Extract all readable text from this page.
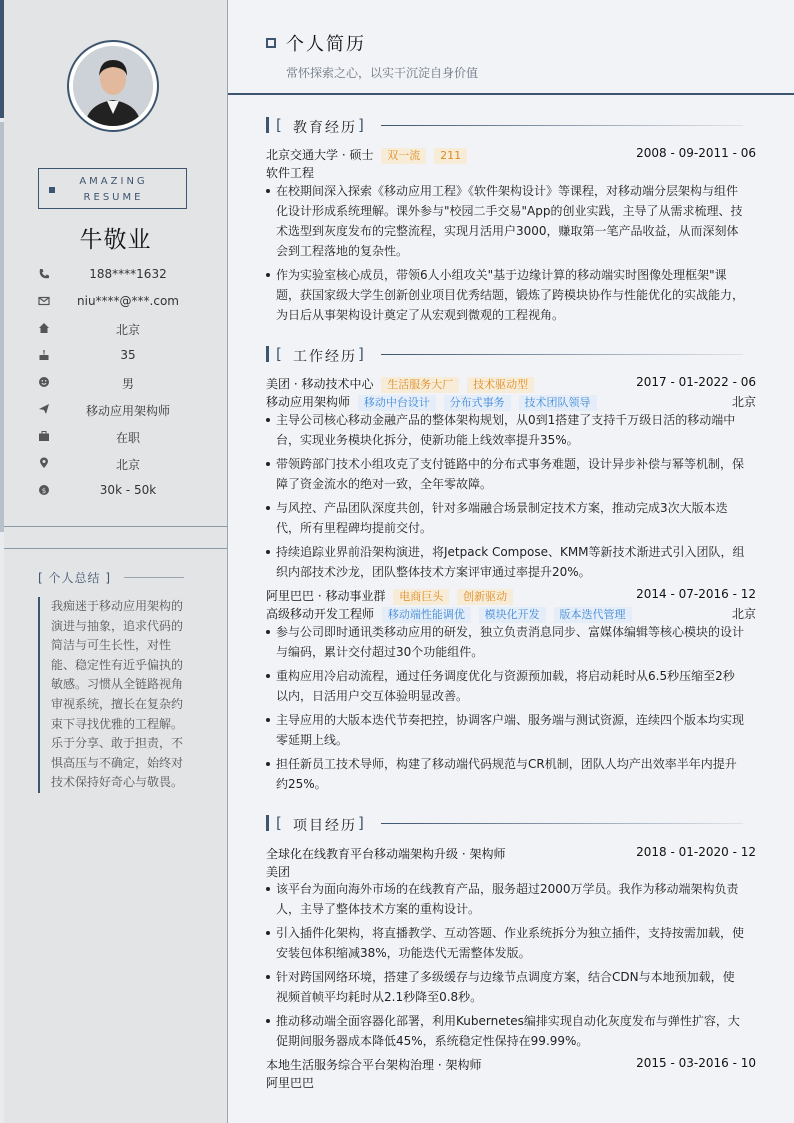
AMAZING
RESUME
牛敬业
188****1632
niu****@***.com
北京
35
男
移动应用架构师
在职
北京
$	30k - 50k
[ 个人总结 ]
我痴迷于移动应用架构的
演进与抽象，追求代码的
简洁与可生长性，对性
能、稳定性有近乎偏执的
敏感。习惯从全链路视角
审视系统，擅长在复杂约
束下寻找优雅的工程解。
乐于分享、敢于担责，不
惧高压与不确定，始终对
技术保持好奇心与敬畏。
个人简历
常怀探索之心，以实干沉淀自身价值
[ 教育经历 ]
北京交通大学 · 硕士 双一流 211	2008 - 09-2011 - 06
软件工程
在校期间深入探索《移动应用工程》《软件架构设计》等课程，对移动端分层架构与组件化设计形成系统理解。课外参与"校园二手交易"App的创业实践，主导了从需求梳理、技术选型到灰度发布的完整流程，实现月活用户3000，赚取第一笔产品收益，从而深刻体会到工程落地的复杂性。
作为实验室核心成员，带领6人小组攻关"基于边缘计算的移动端实时图像处理框架"课题，获国家级大学生创新创业项目优秀结题，锻炼了跨模块协作与性能优化的实战能力，为日后从事架构设计奠定了从宏观到微观的工程视角。
[ 工作经历 ]
美团 · 移动技术中心 生活服务大厂 技术驱动型	2017 - 01-2022 - 06
移动应用架构师 移动中台设计 分布式事务 技术团队领导	北京
主导公司核心移动金融产品的整体架构规划，从0到1搭建了支持千万级日活的移动端中台，实现业务模块化拆分，使新功能上线效率提升35%。
带领跨部门技术小组攻克了支付链路中的分布式事务难题，设计异步补偿与幂等机制，保障了资金流水的绝对一致，全年零故障。
与风控、产品团队深度共创，针对多端融合场景制定技术方案，推动完成3次大版本迭代，所有里程碑均提前交付。
持续追踪业界前沿架构演进，将Jetpack Compose、KMM等新技术渐进式引入团队，组织内部技术沙龙，团队整体技术方案评审通过率提升20%。
阿里巴巴 · 移动事业群 电商巨头 创新驱动	2014 - 07-2016 - 12
高级移动开发工程师 移动端性能调优 模块化开发 版本迭代管理	北京
参与公司即时通讯类移动应用的研发，独立负责消息同步、富媒体编辑等核心模块的设计与编码，累计交付超过30个功能组件。
重构应用冷启动流程，通过任务调度优化与资源预加载，将启动耗时从6.5秒压缩至2秒以内，日活用户交互体验明显改善。
主导应用的大版本迭代节奏把控，协调客户端、服务端与测试资源，连续四个版本均实现零延期上线。
担任新员工技术导师，构建了移动端代码规范与CR机制，团队人均产出效率半年内提升约25%。
[ 项目经历 ]
全球化在线教育平台移动端架构升级 · 架构师	2018 - 01-2020 - 12
美团
该平台为面向海外市场的在线教育产品，服务超过2000万学员。我作为移动端架构负责人，主导了整体技术方案的重构设计。
引入插件化架构，将直播教学、互动答题、作业系统拆分为独立插件，支持按需加载，使安装包体积缩减38%，功能迭代无需整体发版。
针对跨国网络环境，搭建了多级缓存与边缘节点调度方案，结合CDN与本地预加载，使视频首帧平均耗时从2.1秒降至0.8秒。
推动移动端全面容器化部署，利用Kubernetes编排实现自动化灰度发布与弹性扩容，大促期间服务器成本降低45%，系统稳定性保持在99.99%。
本地生活服务综合平台架构治理 · 架构师	2015 - 03-2016 - 10
阿里巴巴
